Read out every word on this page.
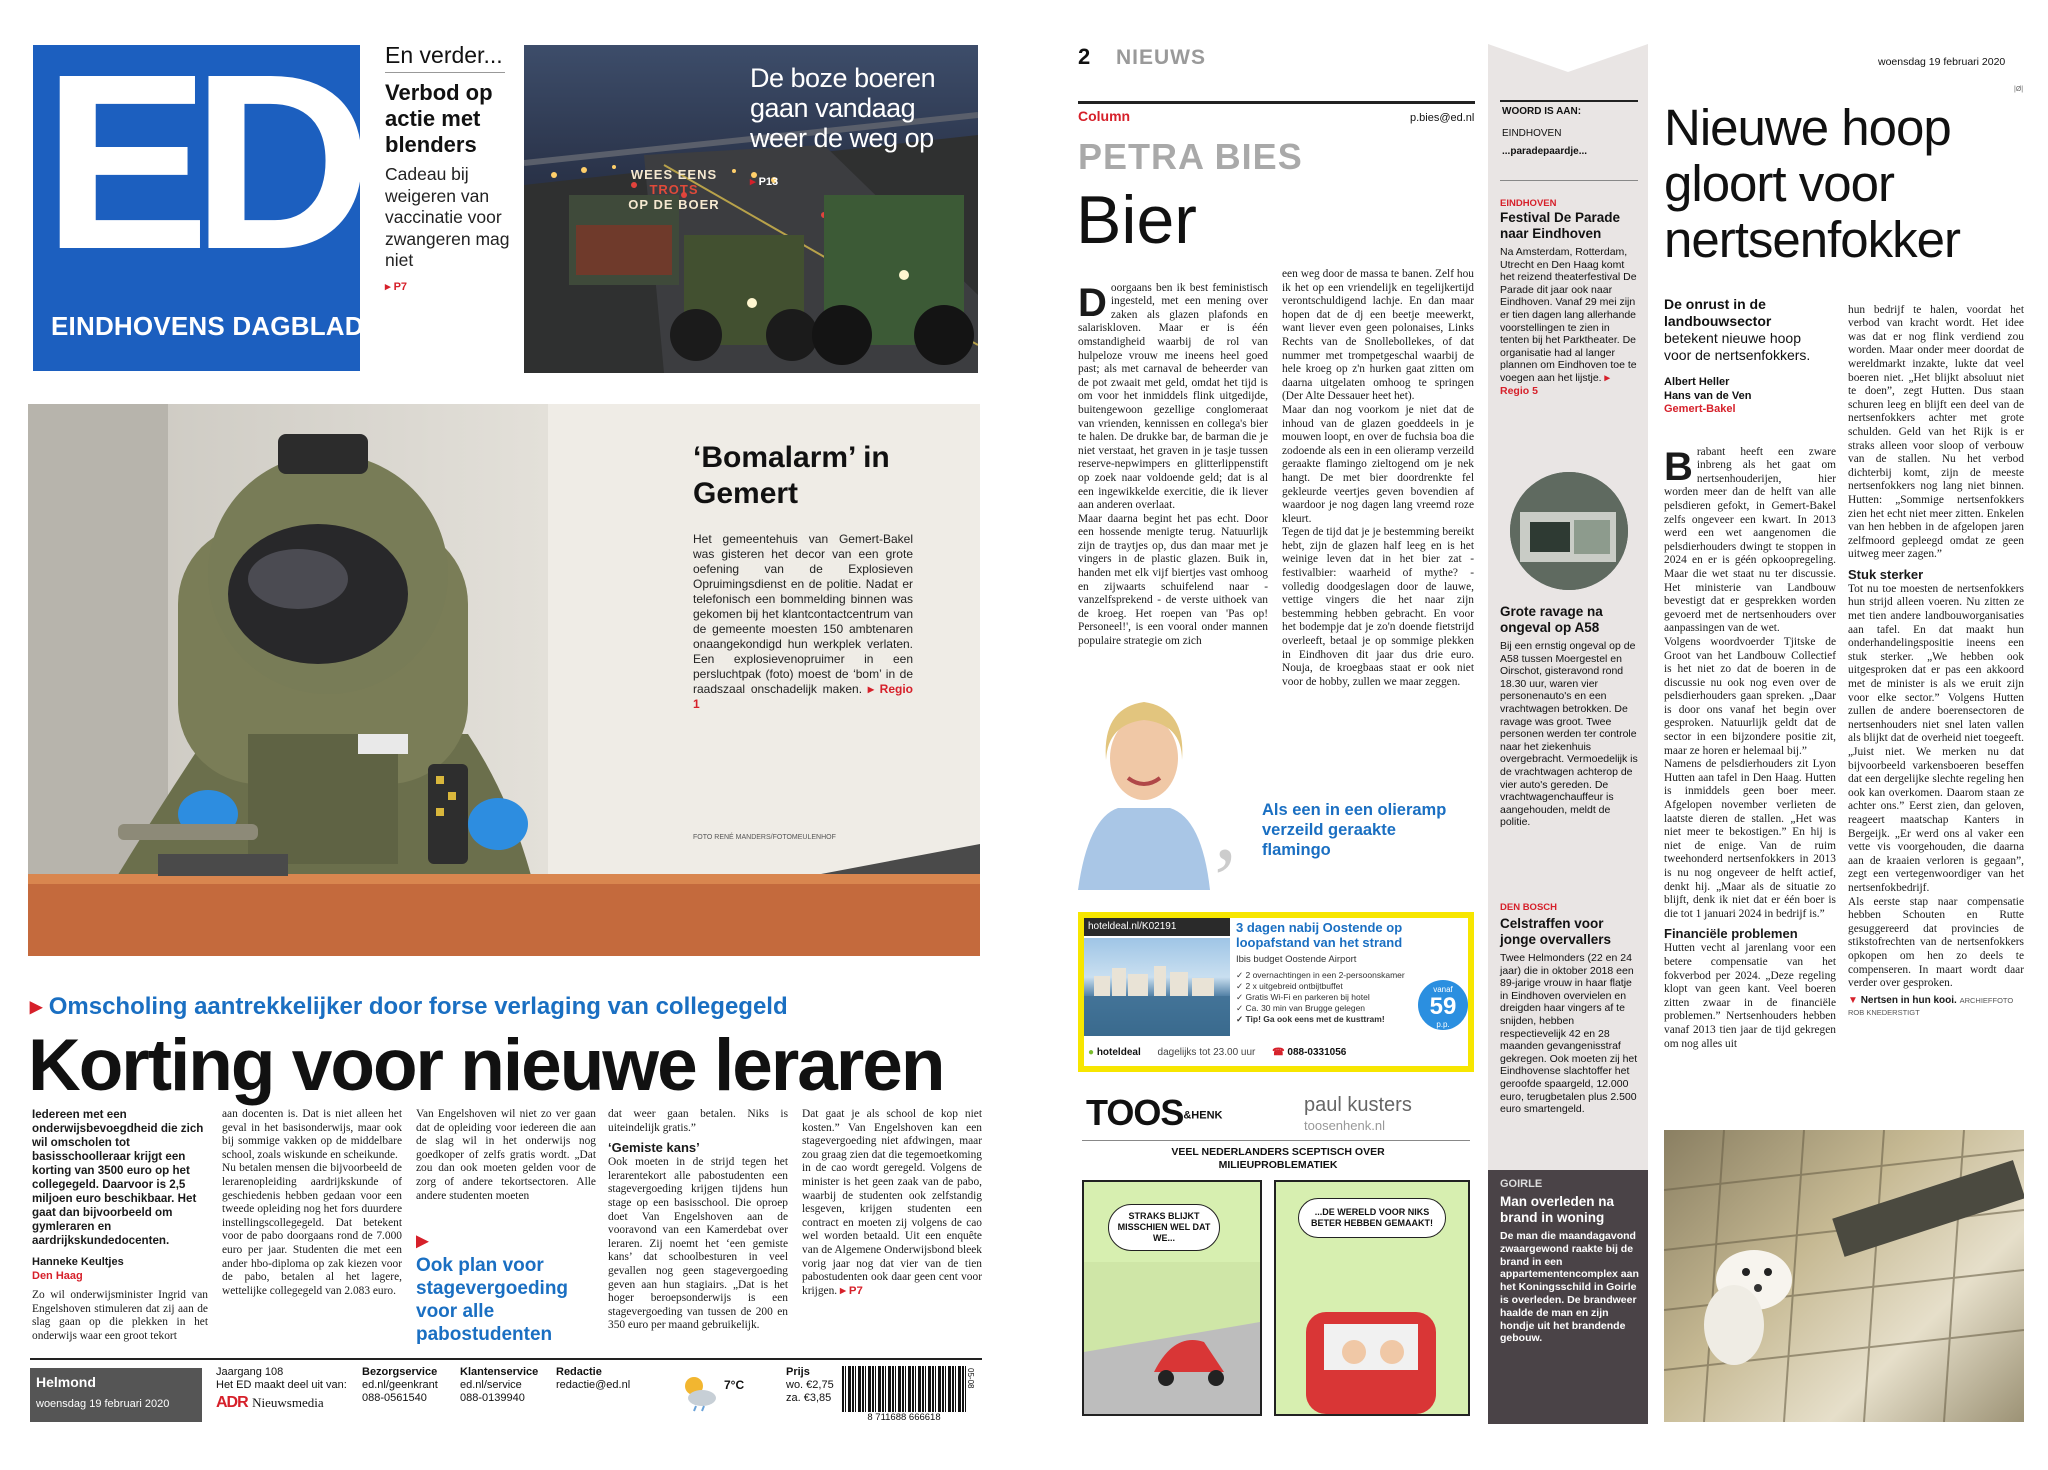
ED
EINDHOVENS DAGBLAD
En verder...
Verbod op actie met blenders
Cadeau bij weigeren van vaccinatie voor zwangeren mag niet
▸ P7
WEES EENS
TROTS
OP DE BOER
De boze boeren gaan vandaag weer de weg op
▸ P13
‘Bomalarm’ in Gemert
Het gemeentehuis van Gemert-Bakel was gisteren het decor van een grote oefening van de Explosieven Opruimingsdienst en de politie. Nadat er telefonisch een bommelding binnen was gekomen bij het klantcontactcentrum van de gemeente moesten 150 ambtenaren onaangekondigd hun werkplek verlaten. Een explosievenopruimer in een persluchtpak (foto) moest de ‘bom’ in de raadszaal onschadelijk maken. ▸ Regio 1
FOTO RENÉ MANDERS/FOTOMEULENHOF
▸ Omscholing aantrekkelijker door forse verlaging van collegegeld
Korting voor nieuwe leraren

Iedereen met een onderwijsbevoegdheid die zich wil omscholen tot basisschoolleraar krijgt een korting van 3500 euro op het collegegeld. Daarvoor is 2,5 miljoen euro beschikbaar. Het gaat dan bijvoorbeeld om gymleraren en aardrijkskundedocenten.

Hanneke Keultjes
Den Haag

Zo wil onderwijsminister Ingrid van Engelshoven stimuleren dat zij aan de slag gaan op die plekken in het onderwijs waar een groot tekort

aan docenten is. Dat is niet alleen het geval in het basisonderwijs, maar ook bij sommige vakken op de middelbare school, zoals wiskunde en scheikunde.
Nu betalen mensen die bijvoorbeeld de lerarenopleiding aardrijkskunde of geschiedenis hebben gedaan voor een tweede opleiding nog het fors duurdere instellingscollegegeld. Dat betekent voor de pabo doorgaans rond de 7.000 euro per jaar. Studenten die met een ander hbo-diploma op zak kiezen voor de pabo, betalen al het lagere, wettelijke collegegeld van 2.083 euro.

Van Engelshoven wil niet zo ver gaan dat de opleiding voor iedereen die aan de slag wil in het onderwijs nog goedkoper of zelfs gratis wordt. „Dat zou dan ook moeten gelden voor de zorg of andere tekortsectoren. Alle andere studenten moeten

▸
Ook plan voor stagevergoeding voor alle pabostudenten

dat weer gaan betalen. Niks is uiteindelijk gratis.”

‘Gemiste kans’

Ook moeten in de strijd tegen het lerarentekort alle pabostudenten een stagevergoeding krijgen tijdens hun stage op een basisschool. Die oproep doet Van Engelshoven aan de vooravond van een Kamerdebat over leraren. Zij noemt het ‘een gemiste kans’ dat schoolbesturen in veel gevallen nog geen stagevergoeding geven aan hun stagiairs. „Dat is het hoger beroepsonderwijs is een stagevergoeding van tussen de 200 en 350 euro per maand gebruikelijk.

Dat gaat je als school de kop niet kosten.” Van Engelshoven kan een stagevergoeding niet afdwingen, maar zou graag zien dat die tegemoetkoming in de cao wordt geregeld. Volgens de minister is het geen zaak van de pabo, waarbij de studenten ook zelfstandig lesgeven, krijgen studenten een contract en moeten zij volgens de cao wel worden betaald. Uit een enquête van de Algemene Onderwijsbond bleek vorig jaar nog dat vier van de tien pabostudenten ook daar geen cent voor krijgen. ▸ P7

Helmond
woensdag 19 februari 2020
Jaargang 108
Het ED maakt deel uit van:
ADR Nieuwsmedia
Bezorgservice
ed.nl/geenkrant
088-0561540
Klantenservice
ed.nl/service
088-0139940
Redactie
redactie@ed.nl	7°C
Prijs
wo. €2,75
za. €3,85
8 711688 666618
05-08
2 NIEUWS	woensdag 19 februari 2020
Column	p.bies@ed.nl
PETRA BIES
Bier

Doorgaans ben ik best feministisch ingesteld, met een mening over zaken als glazen plafonds en salariskloven. Maar er is één omstandigheid waarbij de rol van hulpeloze vrouw me ineens heel goed past; als met carnaval de beheerder van de pot zwaait met geld, omdat het tijd is om voor het inmiddels flink uitgedijde, buitengewoon gezellige conglomeraat van vrienden, kennissen en collega's bier te halen. De drukke bar, de barman die je niet verstaat, het graven in je tasje tussen reserve-nepwimpers en glitterlippenstift op zoek naar voldoende geld; dat is al een ingewikkelde exercitie, die ik liever aan anderen overlaat.
Maar daarna begint het pas echt. Door een hossende menigte terug. Natuurlijk zijn de traytjes op, dus dan maar met je vingers in de plastic glazen. Buik in, handen met elk vijf biertjes vast omhoog en zijwaarts schuifelend naar - vanzelfsprekend - de verste uithoek van de kroeg. Het roepen van 'Pas op! Personeel!', is een vooral onder mannen populaire strategie om zich

een weg door de massa te banen. Zelf hou ik het op een vriendelijk en tegelijkertijd verontschuldigend lachje. En dan maar hopen dat de dj een beetje meewerkt, want liever even geen polonaises, Links Rechts van de Snollebollekes, of dat nummer met trompetgeschal waarbij de hele kroeg op z'n hurken gaat zitten om daarna uitgelaten omhoog te springen (Der Alte Dessauer heet het).
Maar dan nog voorkom je niet dat de inhoud van de glazen goeddeels in je mouwen loopt, en over de fuchsia boa die zodoende als een in een olieramp verzeild geraakte flamingo zieltogend om je nek hangt. De met bier doordrenkte fel gekleurde veertjes geven bovendien af waardoor je nog dagen lang vreemd roze kleurt.
Tegen de tijd dat je je bestemming bereikt hebt, zijn de glazen half leeg en is het weinige leven dat in het bier zat - festivalbier: waarheid of mythe? - volledig doodgeslagen door de lauwe, vettige vingers die het naar zijn bestemming hebben gebracht. En voor het bodempje dat je zo'n doende fietstrijd overleeft, betaal je op sommige plekken in Eindhoven dit jaar dus drie euro. Nouja, de kroegbaas staat er ook niet voor de hobby, zullen we maar zeggen.
‚ Als een in een olieramp verzeild geraakte flamingo
hoteldeal.nl/K02191	3 dagen nabij Oostende op loopafstand van het strand
Ibis budget Oostende Airport
✓ 2 overnachtingen in een 2-persoonskamer
✓ 2 x uitgebreid ontbijtbuffet
✓ Gratis Wi-Fi en parkeren bij hotel
✓ Ca. 30 min van Brugge gelegen
✓ Tip! Ga ook eens met de kusttram!
vanaf
59
p.p.
● hoteldeal dagelijks tot 23.00 uur ☎ 088-0331056
TOOS&HENK	paul kusters
toosenhenk.nl
VEEL NEDERLANDERS SCEPTISCH OVER MILIEUPROBLEMATIEK
STRAKS BLIJKT MISSCHIEN WEL DAT WE...
...DE WERELD VOOR NIKS BETER HEBBEN GEMAAKT!
WOORD IS AAN:
EINDHOVEN
...paradepaardje...
EINDHOVEN
Festival De Parade naar Eindhoven
Na Amsterdam, Rotterdam, Utrecht en Den Haag komt het reizend theaterfestival De Parade dit jaar ook naar Eindhoven. Vanaf 29 mei zijn er tien dagen lang allerhande voorstellingen te zien in tenten bij het Parktheater. De organisatie had al langer plannen om Eindhoven toe te voegen aan het lijstje. ▸ Regio 5
Grote ravage na ongeval op A58
Bij een ernstig ongeval op de A58 tussen Moergestel en Oirschot, gisteravond rond 18.30 uur, waren vier personenauto's en een vrachtwagen betrokken. De ravage was groot. Twee personen werden ter controle naar het ziekenhuis overgebracht. Vermoedelijk is de vrachtwagen achterop de vier auto's gereden. De vrachtwagenchauffeur is aangehouden, meldt de politie.
DEN BOSCH
Celstraffen voor jonge overvallers
Twee Helmonders (22 en 24 jaar) die in oktober 2018 een 89-jarige vrouw in haar flatje in Eindhoven overvielen en dreigden haar vingers af te snijden, hebben respectievelijk 42 en 28 maanden gevangenisstraf gekregen. Ook moeten zij het Eindhovense slachtoffer het geroofde spaargeld, 12.000 euro, terugbetalen plus 2.500 euro smartengeld.
GOIRLE
Man overleden na brand in woning
De man die maandagavond zwaargewond raakte bij de brand in een appartementencomplex aan het Koningsschild in Goirle is overleden. De brandweer haalde de man en zijn hondje uit het brandende gebouw.
Nieuwe hoop gloort voor nertsenfokker
|Ø|
De onrust in de landbouwsector
betekent nieuwe hoop voor de nertsenfokkers.
Albert Heller
Hans van de Ven
Gemert-Bakel

Brabant heeft een zware inbreng als het gaat om nertsenhouderijen, hier worden meer dan de helft van alle pelsdieren gefokt, in Gemert-Bakel zelfs ongeveer een kwart. In 2013 werd een wet aangenomen die pelsdierhouders dwingt te stoppen in 2024 en er is géén opkoopregeling. Maar die wet staat nu ter discussie. Het ministerie van Landbouw bevestigt dat er gesprekken worden gevoerd met de nertsenhouders over aanpassingen van de wet.
Volgens woordvoerder Tjitske de Groot van het Landbouw Collectief is het niet zo dat de boeren in de discussie nu ook nog even over de pelsdierhouders gaan spreken. „Daar is door ons vanaf het begin over gesproken. Natuurlijk geldt dat de sector in een bijzondere positie zit, maar ze horen er helemaal bij.”
Namens de pelsdierhouders zit Lyon Hutten aan tafel in Den Haag. Hutten is inmiddels geen boer meer. Afgelopen november verlieten de laatste dieren de stallen. „Het was niet meer te bekostigen.” En hij is niet de enige. Van de ruim tweehonderd nertsenfokkers in 2013 is nu nog ongeveer de helft actief, denkt hij. „Maar als de situatie zo blijft, denk ik niet dat er één boer is die tot 1 januari 2024 in bedrijf is.”

Financiële problemen
Hutten vecht al jarenlang voor een betere compensatie van het fokverbod per 2024. „Deze regeling klopt van geen kant. Veel boeren zitten zwaar in de financiële problemen.” Nertsenhouders hebben vanaf 2013 tien jaar de tijd gekregen om nog alles uit

hun bedrijf te halen, voordat het verbod van kracht wordt. Het idee was dat er nog flink verdiend zou worden. Maar onder meer doordat de wereldmarkt inzakte, lukte dat veel boeren niet. „Het blijkt absoluut niet te doen”, zegt Hutten. Dus staan schuren leeg en blijft een deel van de nertsenfokkers achter met grote schulden. Geld van het Rijk is er straks alleen voor sloop of verbouw van de stallen. Nu het verbod dichterbij komt, zijn de meeste nertsenfokkers nog lang niet binnen. Hutten: „Sommige nertsenfokkers zien het echt niet meer zitten. Enkelen van hen hebben in de afgelopen jaren zelfmoord gepleegd omdat ze geen uitweg meer zagen.”

Stuk sterker
Tot nu toe moesten de nertsenfokkers hun strijd alleen voeren. Nu zitten ze met tien andere landbouworganisaties aan tafel. En dat maakt hun onderhandelingspositie ineens een stuk sterker. „We hebben ook uitgesproken dat er pas een akkoord met de minister is als we eruit zijn voor elke sector.” Volgens Hutten zullen de andere boerensectoren de nertsenhouders niet snel laten vallen als blijkt dat de overheid niet toegeeft. „Juist niet. We merken nu dat bijvoorbeeld varkensboeren beseffen dat een dergelijke slechte regeling hen ook kan overkomen. Daarom staan ze achter ons.” Eerst zien, dan geloven, reageert maatschap Kanters in Bergeijk. „Er werd ons al vaker een vette vis voorgehouden, die daarna aan de kraaien verloren is gegaan”, zegt een vertegenwoordiger van het nertsenfokbedrijf.
Als eerste stap naar compensatie hebben Schouten en Rutte gesuggereerd dat provincies de stikstofrechten van de nertsenfokkers opkopen om hen zo deels te compenseren. In maart wordt daar verder over gesproken.

▼ Nertsen in hun kooi. ARCHIEFFOTO ROB KNEDERSTIGT
